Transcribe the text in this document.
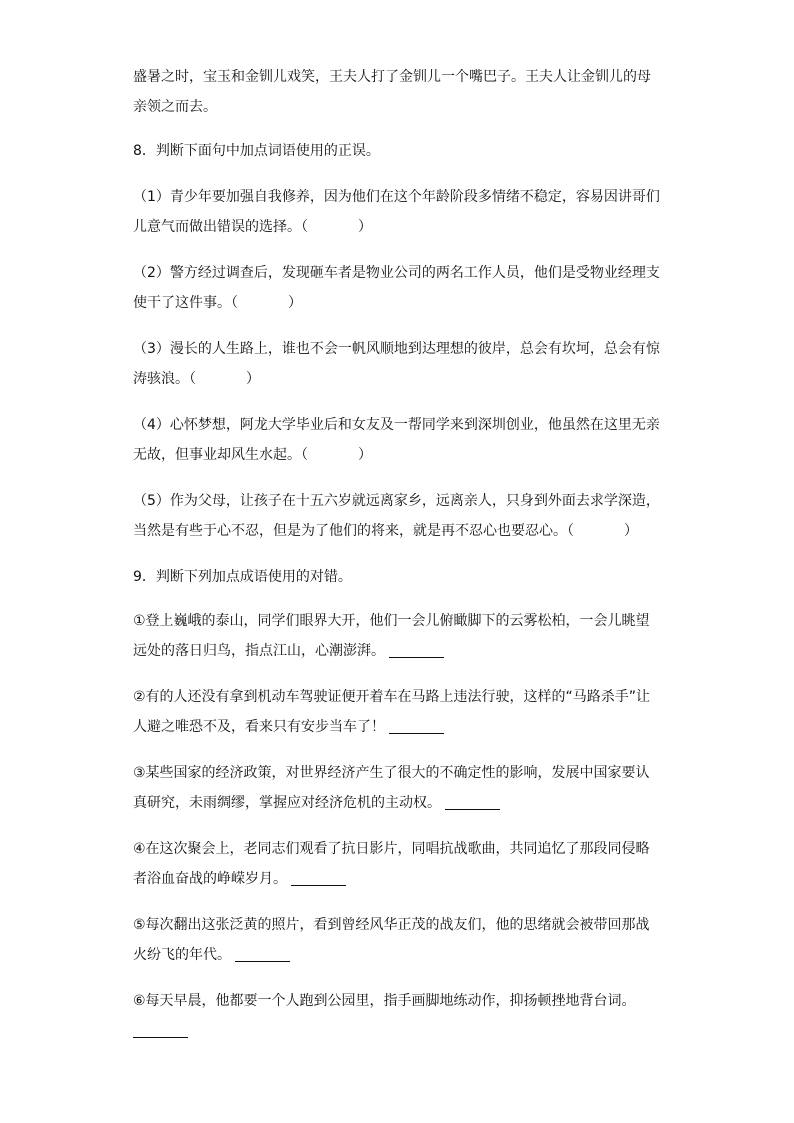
盛暑之时，宝玉和金钏儿戏笑，王夫人打了金钏儿一个嘴巴子。王夫人让金钏儿的母
亲领之而去。
8．判断下面句中加点词语使用的正误。
（1）青少年要加强自我修养，因为他们在这个年龄阶段多情绪不稳定，容易因讲哥们
儿意气而做出错误的选择。（	）
（2）警方经过调查后，发现砸车者是物业公司的两名工作人员，他们是受物业经理支
使干了这件事。（	）
（3）漫长的人生路上，谁也不会一帆风顺地到达理想的彼岸，总会有坎坷，总会有惊
涛骇浪。（	）
（4）心怀梦想，阿龙大学毕业后和女友及一帮同学来到深圳创业，他虽然在这里无亲
无故，但事业却风生水起。（	）
（5）作为父母，让孩子在十五六岁就远离家乡，远离亲人，只身到外面去求学深造，
当然是有些于心不忍，但是为了他们的将来，就是再不忍心也要忍心。（	）
9．判断下列加点成语使用的对错。
①登上巍峨的泰山，同学们眼界大开，他们一会儿俯瞰脚下的云雾松柏，一会儿眺望
远处的落日归鸟，指点江山，心潮澎湃。
②有的人还没有拿到机动车驾驶证便开着车在马路上违法行驶，这样的“马路杀手”让
人避之唯恐不及，看来只有安步当车了！
③某些国家的经济政策，对世界经济产生了很大的不确定性的影响，发展中国家要认
真研究，未雨绸缪，掌握应对经济危机的主动权。
④在这次聚会上，老同志们观看了抗日影片，同唱抗战歌曲，共同追忆了那段同侵略
者浴血奋战的峥嵘岁月。
⑤每次翻出这张泛黄的照片，看到曾经风华正茂的战友们，他的思绪就会被带回那战
火纷飞的年代。
⑥每天早晨，他都要一个人跑到公园里，指手画脚地练动作，抑扬顿挫地背台词。
